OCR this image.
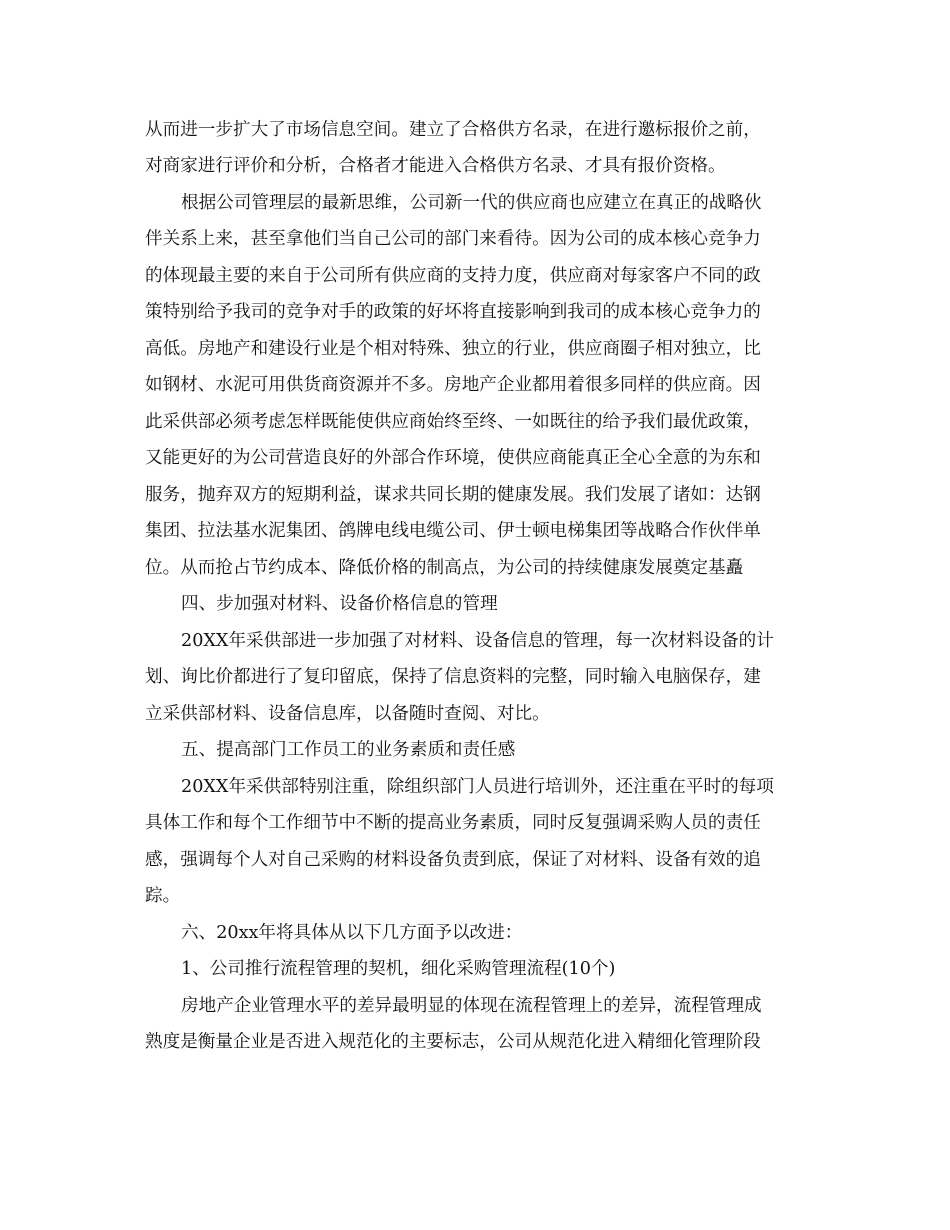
从而进一步扩大了市场信息空间。建立了合格供方名录，在进行邀标报价之前，
对商家进行评价和分析，合格者才能进入合格供方名录、才具有报价资格。
根据公司管理层的最新思维，公司新一代的供应商也应建立在真正的战略伙
伴关系上来，甚至拿他们当自己公司的部门来看待。因为公司的成本核心竞争力
的体现最主要的来自于公司所有供应商的支持力度，供应商对每家客户不同的政
策特别给予我司的竞争对手的政策的好坏将直接影响到我司的成本核心竞争力的
高低。房地产和建设行业是个相对特殊、独立的行业，供应商圈子相对独立，比
如钢材、水泥可用供货商资源并不多。房地产企业都用着很多同样的供应商。因
此采供部必须考虑怎样既能使供应商始终至终、一如既往的给予我们最优政策，
又能更好的为公司营造良好的外部合作环境，使供应商能真正全心全意的为东和
服务，抛弃双方的短期利益，谋求共同长期的健康发展。我们发展了诸如：达钢
集团、拉法基水泥集团、鸽牌电线电缆公司、伊士顿电梯集团等战略合作伙伴单
位。从而抢占节约成本、降低价格的制高点，为公司的持续健康发展奠定基矗
四、步加强对材料、设备价格信息的管理
20XX年采供部进一步加强了对材料、设备信息的管理，每一次材料设备的计
划、询比价都进行了复印留底，保持了信息资料的完整，同时输入电脑保存，建
立采供部材料、设备信息库，以备随时查阅、对比。
五、提高部门工作员工的业务素质和责任感
20XX年采供部特别注重，除组织部门人员进行培训外，还注重在平时的每项
具体工作和每个工作细节中不断的提高业务素质，同时反复强调采购人员的责任
感，强调每个人对自己采购的材料设备负责到底，保证了对材料、设备有效的追
踪。
六、20xx年将具体从以下几方面予以改进：
1、公司推行流程管理的契机，细化采购管理流程(10个)
房地产企业管理水平的差异最明显的体现在流程管理上的差异，流程管理成
熟度是衡量企业是否进入规范化的主要标志，公司从规范化进入精细化管理阶段
